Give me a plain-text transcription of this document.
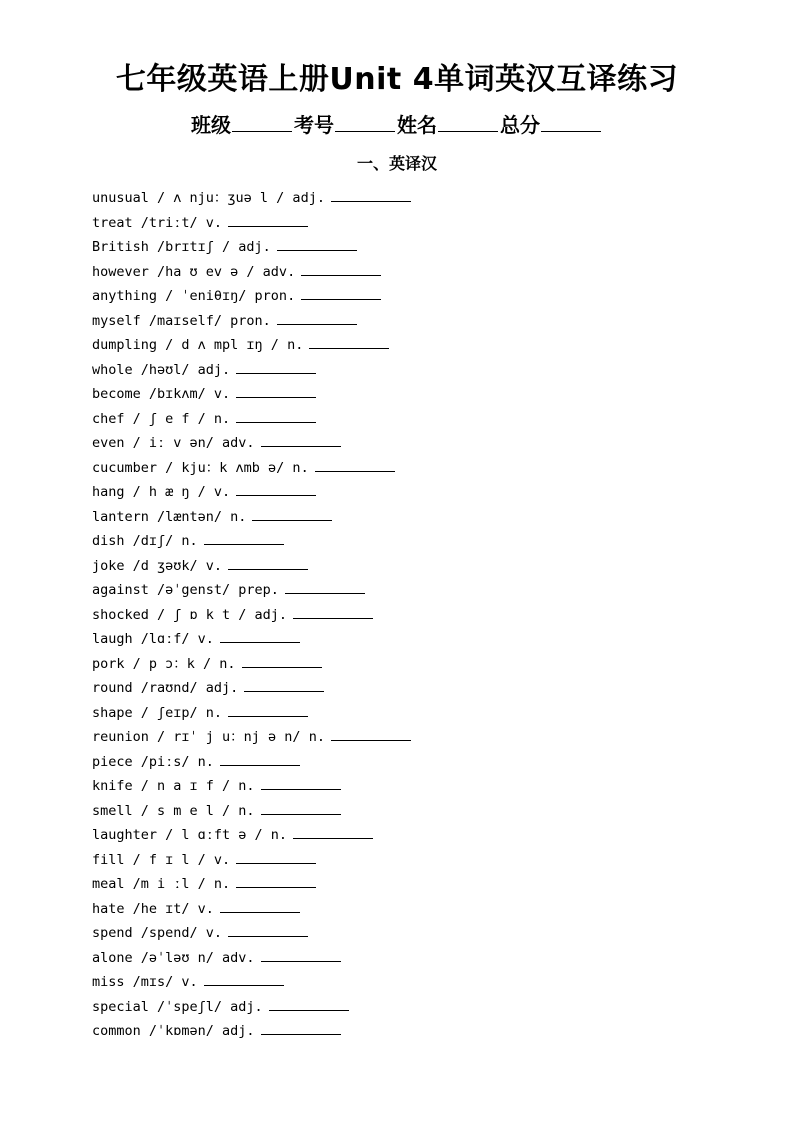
七年级英语上册Unit 4单词英汉互译练习
班级	考号	姓名	总分
一、英译汉
unusual / ʌ nju：ʒuə l / adj.
treat /triːt/ v.
British /brɪtɪʃ / adj.
however /ha ʊ ev ə / adv.
anything / ˈeniθɪŋ/ pron.
myself /maɪself/ pron.
dumpling / d ʌ mpl ɪŋ / n.
whole /həʊl/ adj.
become /bɪkʌm/ v.
chef / ʃ e f / n.
even / iː v ən/ adv.
cucumber / kju：k ʌmb ə/ n.
hang / h æ ŋ / v.
lantern /læntən/ n.
dish /dɪʃ/ n.
joke /d ʒəʊk/ v.
against /əˈgenst/ prep.
shocked / ʃ ɒ k t / adj.
laugh /lɑːf/ v.
pork / p ɔ：k / n.
round /raʊnd/ adj.
shape / ʃeɪp/ n.
reunion / rɪˈ j u：nj ə n/ n.
piece /piːs/ n.
knife / n a ɪ f / n.
smell / s m e l / n.
laughter / l ɑːft ə / n.
fill / f ɪ l / v.
meal /m i ːl / n.
hate /he ɪt/ v.
spend /spend/ v.
alone /əˈləʊ n/ adv.
miss /mɪs/ v.
special /ˈspeʃl/ adj.
common /ˈkɒmən/ adj.
